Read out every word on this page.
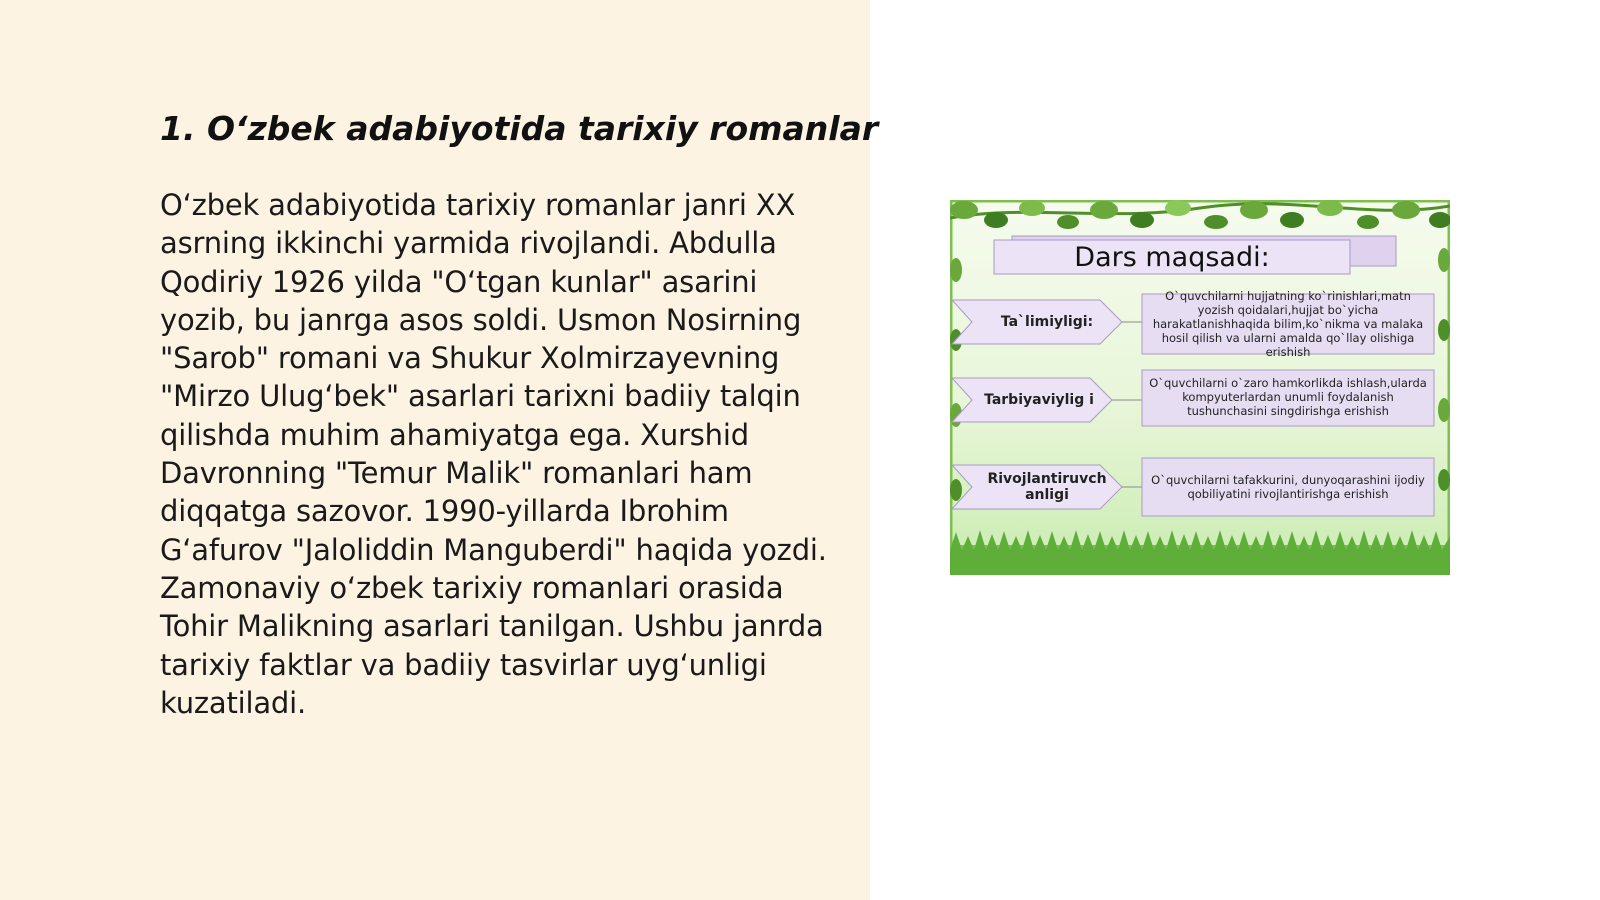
1. O‘zbek adabiyotida tarixiy romanlar

O‘zbek adabiyotida tarixiy romanlar janri XX asrning ikkinchi yarmida rivojlandi. Abdulla Qodiriy 1926 yilda "O‘tgan kunlar" asarini yozib, bu janrga asos soldi. Usmon Nosirning "Sarob" romani va Shukur Xolmirzayevning "Mirzo Ulug‘bek" asarlari tarixni badiiy talqin qilishda muhim ahamiyatga ega. Xurshid Davronning "Temur Malik" romanlari ham diqqatga sazovor. 1990-yillarda Ibrohim G‘afurov "Jaloliddin Manguberdi" haqida yozdi. Zamonaviy o‘zbek tarixiy romanlari orasida Tohir Malikning asarlari tanilgan. Ushbu janrda tarixiy faktlar va badiiy tasvirlar uyg‘unligi kuzatiladi.

Dars maqsadi:
Ta`limiyligi:
O`quvchilarni hujjatning ko`rinishlari,matn yozish qoidalari,hujjat bo`yicha harakatlanishhaqida bilim,ko`nikma va malaka hosil qilish va ularni amalda qo`llay olishiga erishish
Tarbiyaviylig i
O`quvchilarni o`zaro hamkorlikda ishlash,ularda kompyuterlardan unumli foydalanish tushunchasini singdirishga erishish
Rivojlantiruvch anligi
O`quvchilarni tafakkurini, dunyoqarashini ijodiy qobiliyatini rivojlantirishga erishish
